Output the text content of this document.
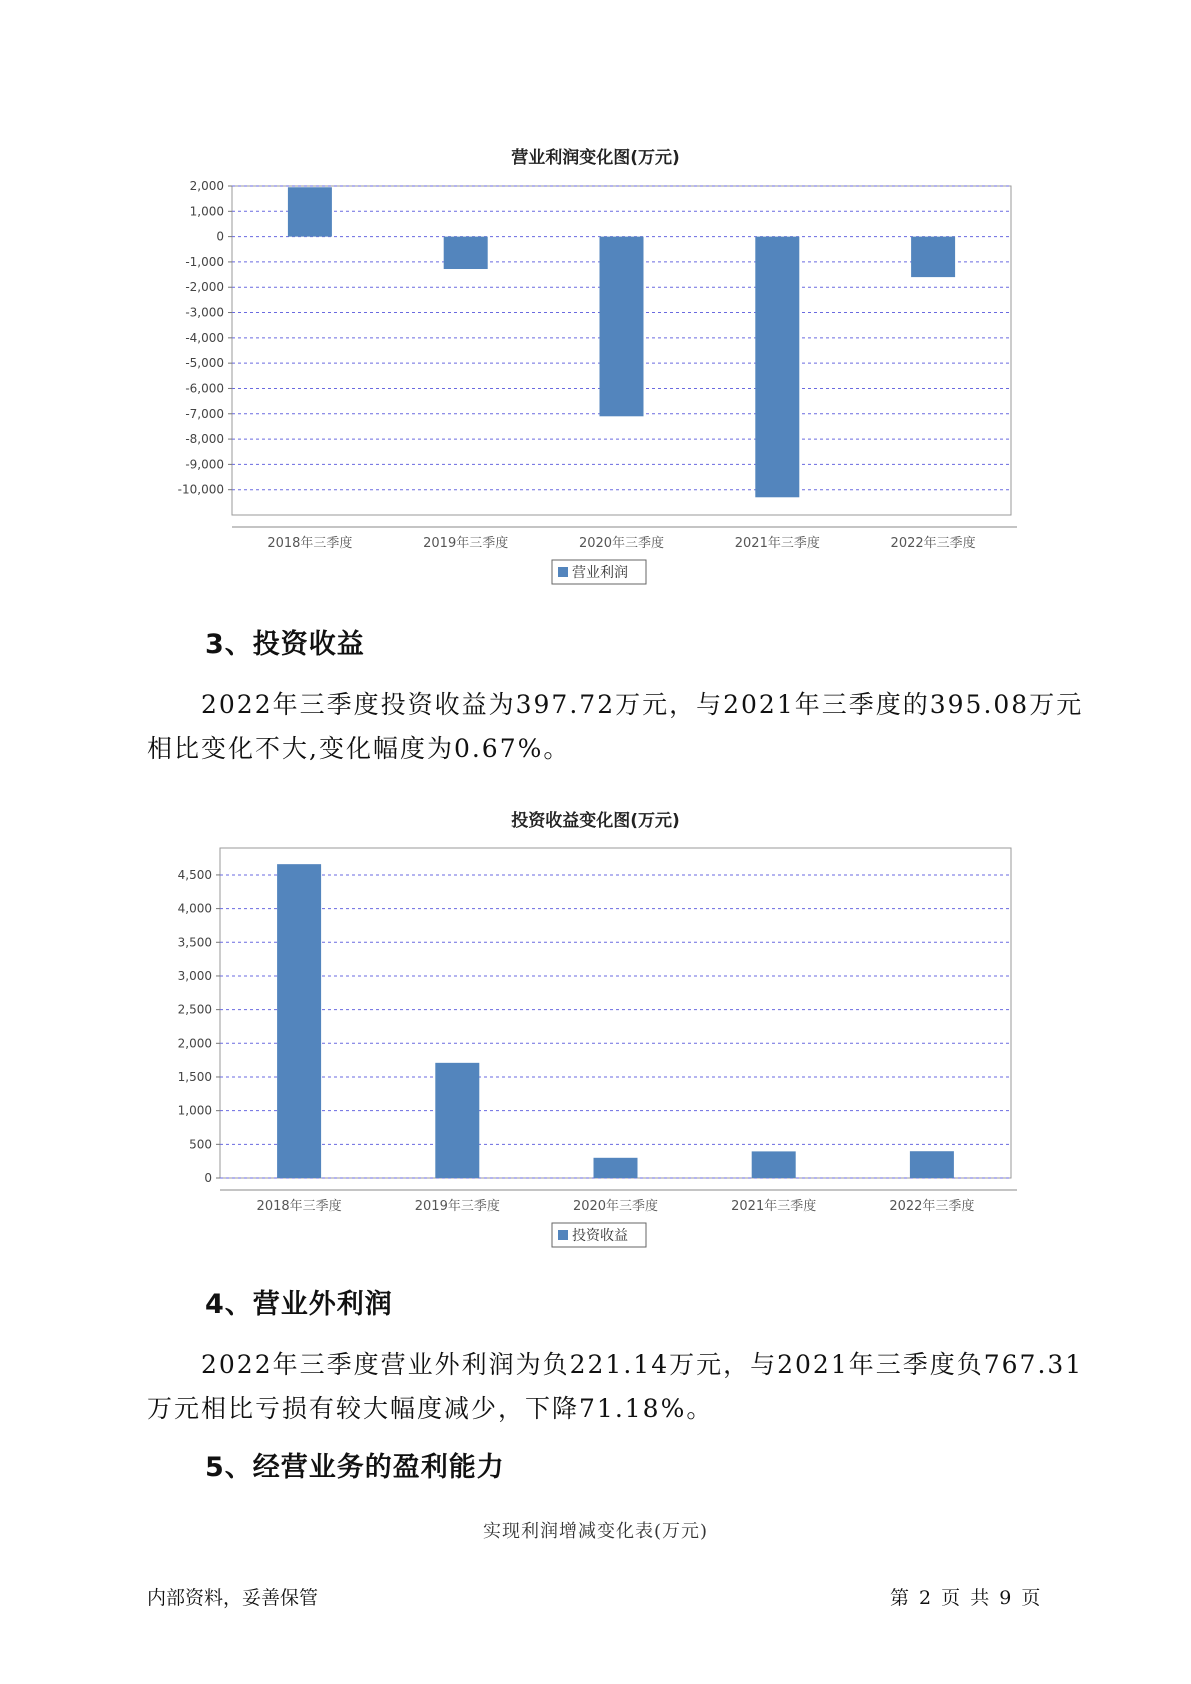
营业利润变化图(万元)
2,000
1,000
0
-1,000
-2,000
-3,000
-4,000
-5,000
-6,000
-7,000
-8,000
-9,000
-10,000
2018年三季度	2019年三季度	2020年三季度	2021年三季度	2022年三季度
营业利润
3、投资收益
2022年三季度投资收益为397.72万元，与2021年三季度的395.08万元
相比变化不大,变化幅度为0.67%。
投资收益变化图(万元)
4,500
4,000
3,500
3,000
2,500
2,000
1,500
1,000
500
0
2018年三季度	2019年三季度	2020年三季度	2021年三季度	2022年三季度
投资收益
4、营业外利润
2022年三季度营业外利润为负221.14万元，与2021年三季度负767.31
万元相比亏损有较大幅度减少，下降71.18%。
5、经营业务的盈利能力
实现利润增减变化表(万元)
内部资料，妥善保管	第 2 页 共 9 页
